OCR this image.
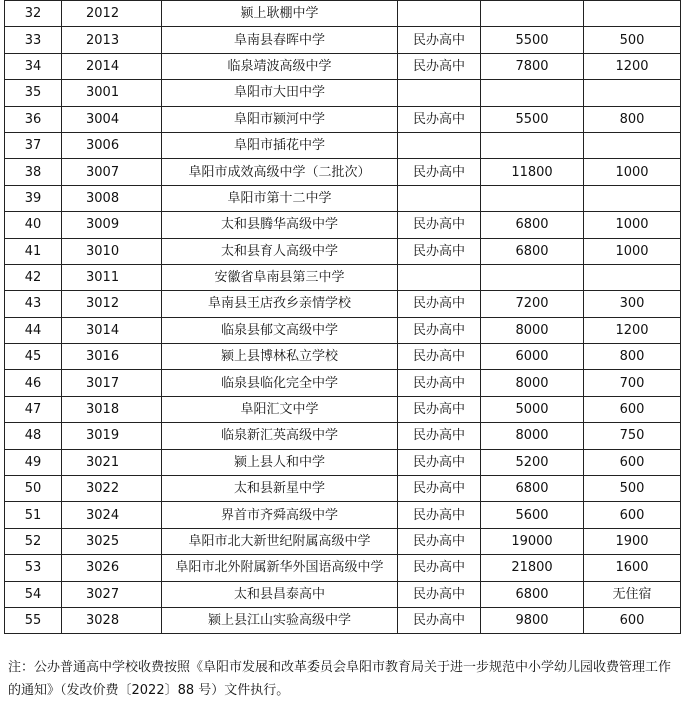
32	2012	颍上耿棚中学			
33	2013	阜南县春晖中学	民办高中	5500	500
34	2014	临泉靖波高级中学	民办高中	7800	1200
35	3001	阜阳市大田中学			
36	3004	阜阳市颍河中学	民办高中	5500	800
37	3006	阜阳市插花中学			
38	3007	阜阳市成效高级中学（二批次）	民办高中	11800	1000
39	3008	阜阳市第十二中学			
40	3009	太和县腾华高级中学	民办高中	6800	1000
41	3010	太和县育人高级中学	民办高中	6800	1000
42	3011	安徽省阜南县第三中学			
43	3012	阜南县王店孜乡亲情学校	民办高中	7200	300
44	3014	临泉县郁文高级中学	民办高中	8000	1200
45	3016	颍上县博林私立学校	民办高中	6000	800
46	3017	临泉县临化完全中学	民办高中	8000	700
47	3018	阜阳汇文中学	民办高中	5000	600
48	3019	临泉新汇英高级中学	民办高中	8000	750
49	3021	颍上县人和中学	民办高中	5200	600
50	3022	太和县新星中学	民办高中	6800	500
51	3024	界首市齐舜高级中学	民办高中	5600	600
52	3025	阜阳市北大新世纪附属高级中学	民办高中	19000	1900
53	3026	阜阳市北外附属新华外国语高级中学	民办高中	21800	1600
54	3027	太和县昌泰高中	民办高中	6800	无住宿
55	3028	颍上县江山实验高级中学	民办高中	9800	600
注：公办普通高中学校收费按照《阜阳市发展和改革委员会阜阳市教育局关于进一步规范中小学幼儿园收费管理工作的通知》（发改价费〔2022〕88 号）文件执行。
